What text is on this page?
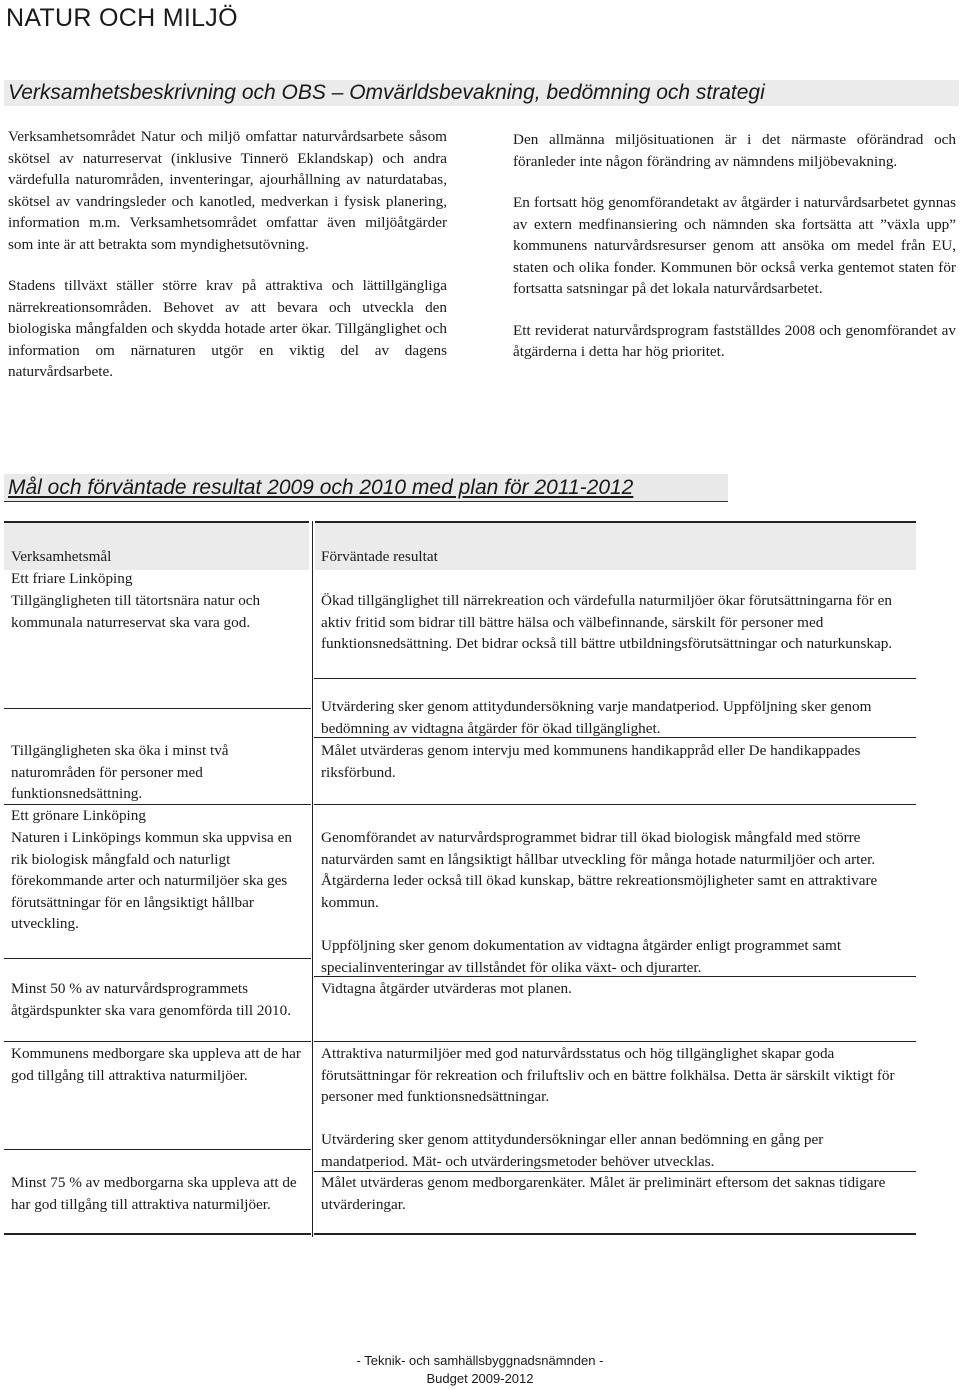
NATUR OCH MILJÖ
Verksamhetsbeskrivning och OBS – Omvärldsbevakning, bedömning och strategi

Verksamhetsområdet Natur och miljö omfattar naturvårdsarbete såsom skötsel av naturreservat (inklusive Tinnerö Eklandskap) och andra värdefulla naturområden, inventeringar, ajourhållning av naturdatabas, skötsel av vandringsleder och kanotled, medverkan i fysisk planering, information m.m. Verksamhetsområdet omfattar även miljöåtgärder som inte är att betrakta som myndighetsutövning.

Stadens tillväxt ställer större krav på attraktiva och lättillgängliga närrekreationsområden. Behovet av att bevara och utveckla den biologiska mångfalden och skydda hotade arter ökar. Tillgänglighet och information om närnaturen utgör en viktig del av dagens naturvårdsarbete.

Den allmänna miljösituationen är i det närmaste oförändrad och föranleder inte någon förändring av nämndens miljöbevakning.

En fortsatt hög genomförandetakt av åtgärder i naturvårdsarbetet gynnas av extern medfinansiering och nämnden ska fortsätta att ”växla upp” kommunens naturvårdsresurser genom att ansöka om medel från EU, staten och olika fonder. Kommunen bör också verka gentemot staten för fortsatta satsningar på det lokala naturvårdsarbetet.

Ett reviderat naturvårdsprogram fastställdes 2008 och genomförandet av åtgärderna i detta har hög prioritet.

Mål och förväntade resultat 2009 och 2010 med plan för 2011-2012
Verksamhetsmål	Förväntade resultat
Ett friare Linköping
Tillgängligheten till tätortsnära natur och kommunala naturreservat ska vara god.
Ökad tillgänglighet till närrekreation och värdefulla naturmiljöer ökar förutsättningarna för en aktiv fritid som bidrar till bättre hälsa och välbefinnande, särskilt för personer med funktionsnedsättning. Det bidrar också till bättre utbildningsförutsättningar och naturkunskap.
Utvärdering sker genom attitydundersökning varje mandatperiod. Uppföljning sker genom bedömning av vidtagna åtgärder för ökad tillgänglighet.
Tillgängligheten ska öka i minst två naturområden för personer med funktionsnedsättning.
Målet utvärderas genom intervju med kommunens handikappråd eller De handikappades riksförbund.
Ett grönare Linköping
Naturen i Linköpings kommun ska uppvisa en rik biologisk mångfald och naturligt förekommande arter och naturmiljöer ska ges förutsättningar för en långsiktigt hållbar utveckling.
Genomförandet av naturvårdsprogrammet bidrar till ökad biologisk mångfald med större naturvärden samt en långsiktigt hållbar utveckling för många hotade naturmiljöer och arter. Åtgärderna leder också till ökad kunskap, bättre rekreationsmöjligheter samt en attraktivare kommun.
Uppföljning sker genom dokumentation av vidtagna åtgärder enligt programmet samt specialinventeringar av tillståndet för olika växt- och djurarter.
Minst 50 % av naturvårdsprogrammets åtgärdspunkter ska vara genomförda till 2010.
Vidtagna åtgärder utvärderas mot planen.
Kommunens medborgare ska uppleva att de har god tillgång till attraktiva naturmiljöer.
Attraktiva naturmiljöer med god naturvårdsstatus och hög tillgänglighet skapar goda förutsättningar för rekreation och friluftsliv och en bättre folkhälsa. Detta är särskilt viktigt för personer med funktionsnedsättningar.
Utvärdering sker genom attitydundersökningar eller annan bedömning en gång per mandatperiod. Mät- och utvärderingsmetoder behöver utvecklas.
Minst 75 % av medborgarna ska uppleva att de har god tillgång till attraktiva naturmiljöer.
Målet utvärderas genom medborgarenkäter. Målet är preliminärt eftersom det saknas tidigare utvärderingar.
- Teknik- och samhällsbyggnadsnämnden -
Budget 2009-2012
